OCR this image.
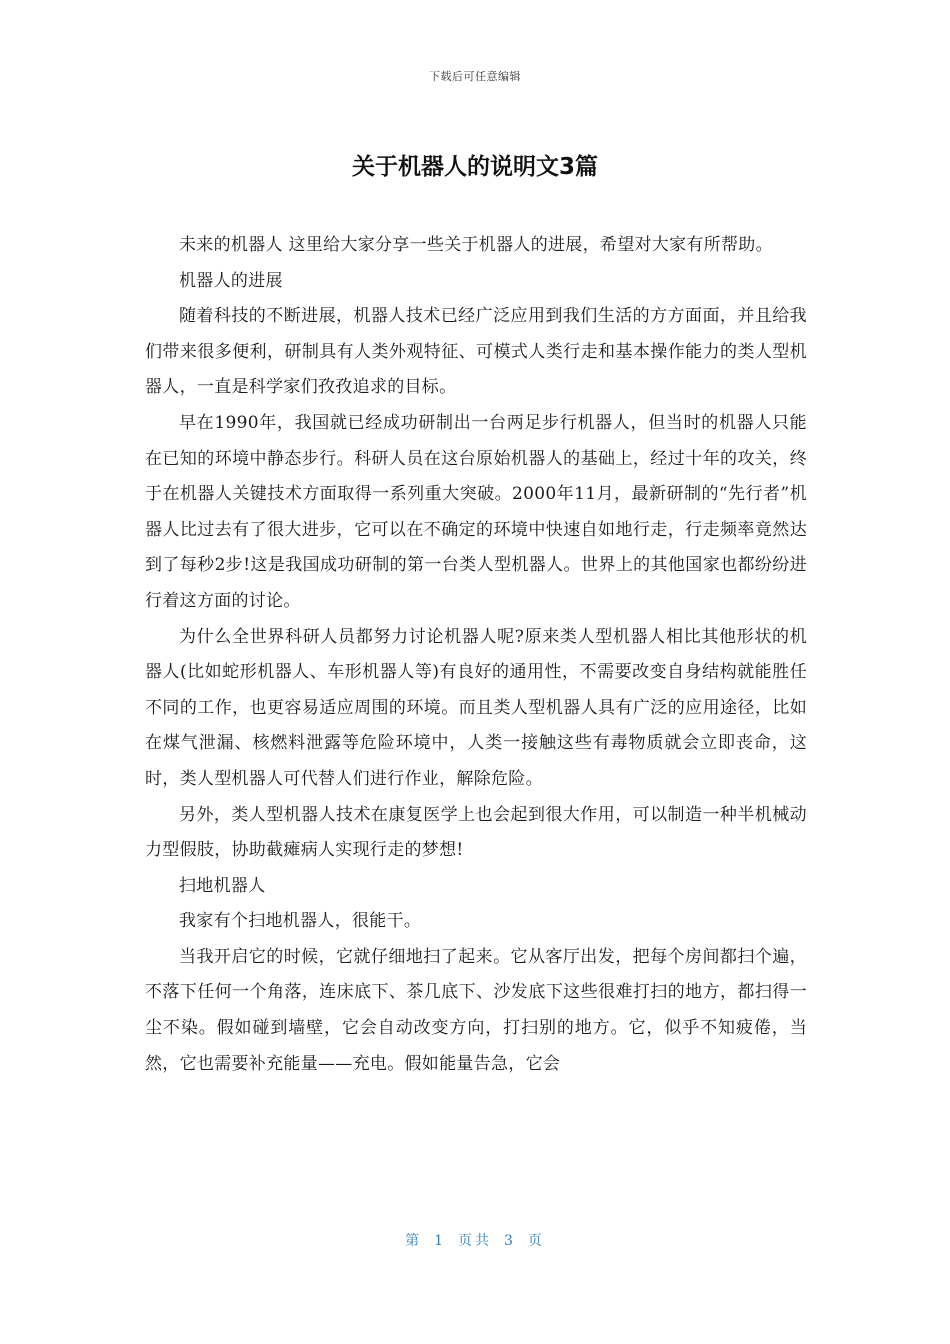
下载后可任意编辑
关于机器人的说明文3篇

未来的机器人 这里给大家分享一些关于机器人的进展，希望对大家有所帮助。

机器人的进展

随着科技的不断进展，机器人技术已经广泛应用到我们生活的方方面面，并且给我们带来很多便利，研制具有人类外观特征、可模式人类行走和基本操作能力的类人型机器人，一直是科学家们孜孜追求的目标。

早在1990年，我国就已经成功研制出一台两足步行机器人，但当时的机器人只能在已知的环境中静态步行。科研人员在这台原始机器人的基础上，经过十年的攻关，终于在机器人关键技术方面取得一系列重大突破。2000年11月，最新研制的“先行者”机器人比过去有了很大进步，它可以在不确定的环境中快速自如地行走，行走频率竟然达到了每秒2步!这是我国成功研制的第一台类人型机器人。世界上的其他国家也都纷纷进行着这方面的讨论。

为什么全世界科研人员都努力讨论机器人呢?原来类人型机器人相比其他形状的机器人(比如蛇形机器人、车形机器人等)有良好的通用性，不需要改变自身结构就能胜任不同的工作，也更容易适应周围的环境。而且类人型机器人具有广泛的应用途径，比如在煤气泄漏、核燃料泄露等危险环境中，人类一接触这些有毒物质就会立即丧命，这时，类人型机器人可代替人们进行作业，解除危险。

另外，类人型机器人技术在康复医学上也会起到很大作用，可以制造一种半机械动力型假肢，协助截瘫病人实现行走的梦想!

扫地机器人

我家有个扫地机器人，很能干。

当我开启它的时候，它就仔细地扫了起来。它从客厅出发，把每个房间都扫个遍，不落下任何一个角落，连床底下、茶几底下、沙发底下这些很难打扫的地方，都扫得一尘不染。假如碰到墙壁，它会自动改变方向，打扫别的地方。它，似乎不知疲倦，当然，它也需要补充能量——充电。假如能量告急，它会

第 1 页共 3 页
